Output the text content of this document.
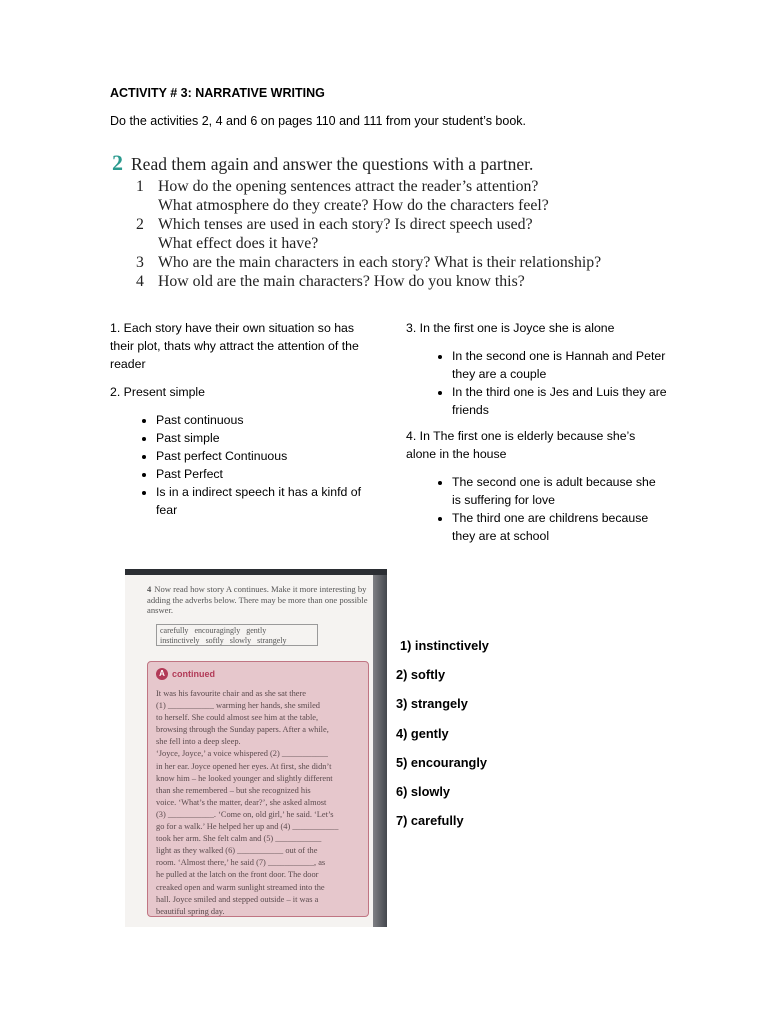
ACTIVITY # 3: NARRATIVE WRITING
Do the activities 2, 4 and 6 on pages 110 and 111 from your student’s book.
2 Read them again and answer the questions with a partner.
1 How do the opening sentences attract the reader’s attention?
What atmosphere do they create? How do the characters feel?
2 Which tenses are used in each story? Is direct speech used?
What effect does it have?
3 Who are the main characters in each story? What is their relationship?
4 How old are the main characters? How do you know this?

1. Each story have their own situation so has their plot, thats why attract the attention of the reader

2. Present simple

• Past continuous
• Past simple
• Past perfect Continuous
• Past Perfect
• Is in a indirect speech it has a kinfd of fear

3. In the first one is Joyce she is alone

• In the second one is Hannah and Peter they are a couple
• In the third one is Jes and Luis they are friends

4. In The first one is elderly because she’s alone in the house

• The second one is adult because she is suffering for love
• The third one are childrens because they are at school
4 Now read how story A continues. Make it more interesting by adding the adverbs below. There may be more than one possible answer.
carefully encouragingly gently
instinctively softly slowly strangely
A continued
It was his favourite chair and as she sat there
(1) ___________ warming her hands, she smiled
to herself. She could almost see him at the table,
browsing through the Sunday papers. After a while,
she fell into a deep sleep.
‘Joyce, Joyce,’ a voice whispered (2) ___________
in her ear. Joyce opened her eyes. At first, she didn’t
know him – he looked younger and slightly different
than she remembered – but she recognized his
voice. ‘What’s the matter, dear?’, she asked almost
(3) ___________. ‘Come on, old girl,’ he said. ‘Let’s
go for a walk.’ He helped her up and (4) ___________
took her arm. She felt calm and (5) ___________
light as they walked (6) ___________ out of the
room. ‘Almost there,’ he said (7) ___________, as
he pulled at the latch on the front door. The door
creaked open and warm sunlight streamed into the
hall. Joyce smiled and stepped outside – it was a
beautiful spring day.
1) instinctively
2) softly
3) strangely
4) gently
5) encourangly
6) slowly
7) carefully
